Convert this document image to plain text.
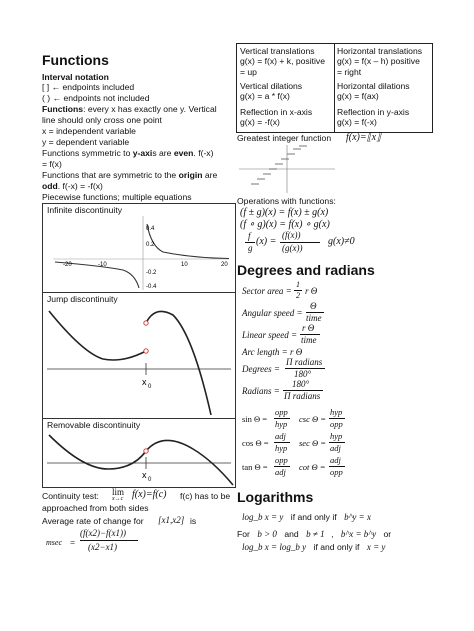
Functions
Interval notation
[ ] ← endpoints included
( ) ← endpoints not included
Functions: every x has exactly one y. Vertical
line should only cross one point
x = independent variable
y = dependent variable
Functions symmetric to y-axis are even. f(-x)
= f(x)
Functions that are symmetric to the origin are
odd. f(-x) = -f(x)
Piecewise functions; multiple equations
Infinite discontinuity
0.4
0.2
-0.2
-0.4
-20	-10	10	20
Jump discontinuity
x 0
Removable discontinuity
x 0
Continuity test: lim
x→c f(x)=f(c) f(c) has to be
approached from both sides
Average rate of change for [x1,x2] is
msec =
(f(x2)−f(x1))
(x2−x1)
Vertical translations
g(x) = f(x) + k, positive
= up
Horizontal translations
g(x) = f(x – h) positive
= right
Vertical dilations
g(x) = a * f(x)
Horizontal dilations
g(x) = f(ax)
Reflection in x-axis
g(x) = -f(x)
Reflection in y-axis
g(x) = f(-x)
Greatest integer function f(x)=⟦x⟧
Operations with functions:
(f ± g)(x) = f(x) ± g(x)
(f ∘ g)(x) = f(x) ∘ g(x)
f
g
(x) =
(f(x))
(g(x))
g(x)≠0
Degrees and radians
Sector area =
1
2 r Θ
Angular speed =
Θ
time
Linear speed =
r Θ
time
Arc length = r Θ
Degrees =
Π radians
180°
Radians =
180°
Π radians
sin Θ =
opp
hyp csc Θ =
hyp
opp
cos Θ =
adj
hyp sec Θ =
hyp
adj
tan Θ =
opp
adj cot Θ =
adj
opp
Logarithms
log_b x = y if and only if b^y = x
For b > 0 and b ≠ 1 , b^x = b^y or
log_b x = log_b y if and only if x = y
